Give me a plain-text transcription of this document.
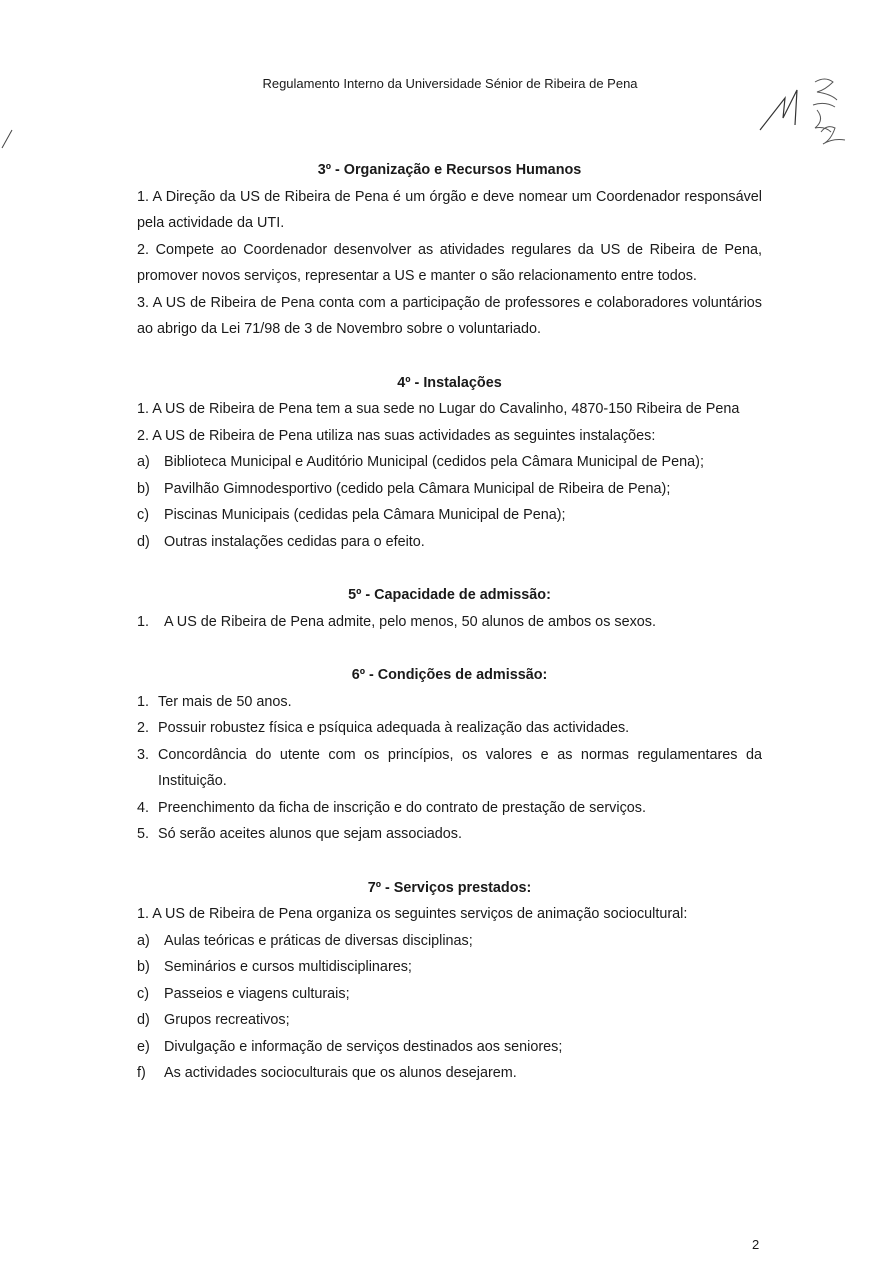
Regulamento Interno da Universidade Sénior de Ribeira de Pena

3º - Organização e Recursos Humanos

1. A Direção da US de Ribeira de Pena é um órgão e deve nomear um Coordenador responsável pela actividade da UTI.

2. Compete ao Coordenador desenvolver as atividades regulares da US de Ribeira de Pena, promover novos serviços, representar a US e manter o são relacionamento entre todos.

3. A US de Ribeira de Pena conta com a participação de professores e colaboradores voluntários ao abrigo da Lei 71/98 de 3 de Novembro sobre o voluntariado.

4º - Instalações

1. A US de Ribeira de Pena tem a sua sede no Lugar do Cavalinho, 4870-150 Ribeira de Pena

2. A US de Ribeira de Pena utiliza nas suas actividades as seguintes instalações:

a) Biblioteca Municipal e Auditório Municipal (cedidos pela Câmara Municipal de Pena);
b) Pavilhão Gimnodesportivo (cedido pela Câmara Municipal de Ribeira de Pena);
c)	Piscinas Municipais (cedidas pela Câmara Municipal de Pena);
d) Outras instalações cedidas para o efeito.

5º - Capacidade de admissão:

1.	A US de Ribeira de Pena admite, pelo menos, 50 alunos de ambos os sexos.

6º - Condições de admissão:

1. Ter mais de 50 anos.
2. Possuir robustez física e psíquica adequada à realização das actividades.
3. Concordância do utente com os princípios, os valores e as normas regulamentares da Instituição.
4. Preenchimento da ficha de inscrição e do contrato de prestação de serviços.
5. Só serão aceites alunos que sejam associados.

7º - Serviços prestados:

1. A US de Ribeira de Pena organiza os seguintes serviços de animação sociocultural:

a) Aulas teóricas e práticas de diversas disciplinas;
b) Seminários e cursos multidisciplinares;
c)	Passeios e viagens culturais;
d) Grupos recreativos;
e) Divulgação e informação de serviços destinados aos seniores;
f)	As actividades socioculturais que os alunos desejarem.
2
